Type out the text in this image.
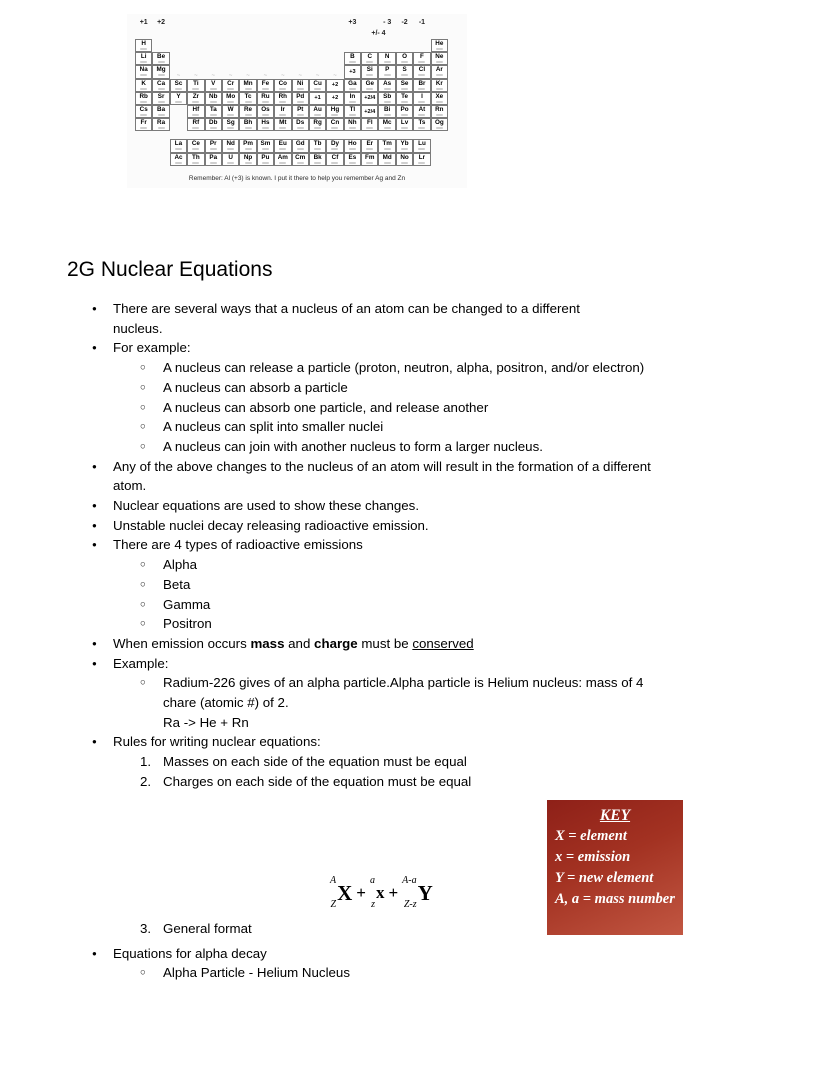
+1	+2	+3	- 3	-2	-1
+/- 4
H	He
Li Be	B C N O F Ne
Na Mg	+3 Si P S Cl Ar
K Ca Sc Ti V Cr Mn Fe Co Ni Cu +2 Ga Ge As Se Br Kr
Rb Sr Y Zr Nb Mo Tc Ru Rh Pd +1 +2 In +2/4 Sb Te I Xe
Cs Ba	Hf Ta W Re Os Ir Pt Au Hg Tl +2/4 Bi Po At Rn
Fr Ra	Rf Db Sg Bh Hs Mt Ds Rg Cn Nh Fl Mc Lv Ts Og
~	~	~	~	~	~	~	~	~	~
La Ce Pr Nd Pm Sm Eu Gd Tb Dy Ho Er Tm Yb Lu
Ac Th Pa U Np Pu Am Cm Bk Cf Es Fm Md No Lr
Remember: Al (+3) is known. I put it there to help you remember Ag and Zn
2G Nuclear Equations
● There are several ways that a nucleus of an atom can be changed to a different
nucleus.
● For example:
○ A nucleus can release a particle (proton, neutron, alpha, positron, and/or electron)
○ A nucleus can absorb a particle
○ A nucleus can absorb one particle, and release another
○ A nucleus can split into smaller nuclei
○ A nucleus can join with another nucleus to form a larger nucleus.
● Any of the above changes to the nucleus of an atom will result in the formation of a different
atom.
● Nuclear equations are used to show these changes.
● Unstable nuclei decay releasing radioactive emission.
● There are 4 types of radioactive emissions
○ Alpha
○ Beta
○ Gamma
○ Positron
● When emission occurs mass and charge must be conserved
● Example:
○ Radium-226 gives of an alpha particle.Alpha particle is Helium nucleus: mass of 4
chare (atomic #) of 2.
Ra -> He + Rn
● Rules for writing nuclear equations:
1. Masses on each side of the equation must be equal
2. Charges on each side of the equation must be equal
KEY
X = element
x = emission
Y = new element
A, a = mass number
A
Z X +
a
z
x +
A-a
Z-z Y
3. General format
● Equations for alpha decay
○ Alpha Particle - Helium Nucleus
